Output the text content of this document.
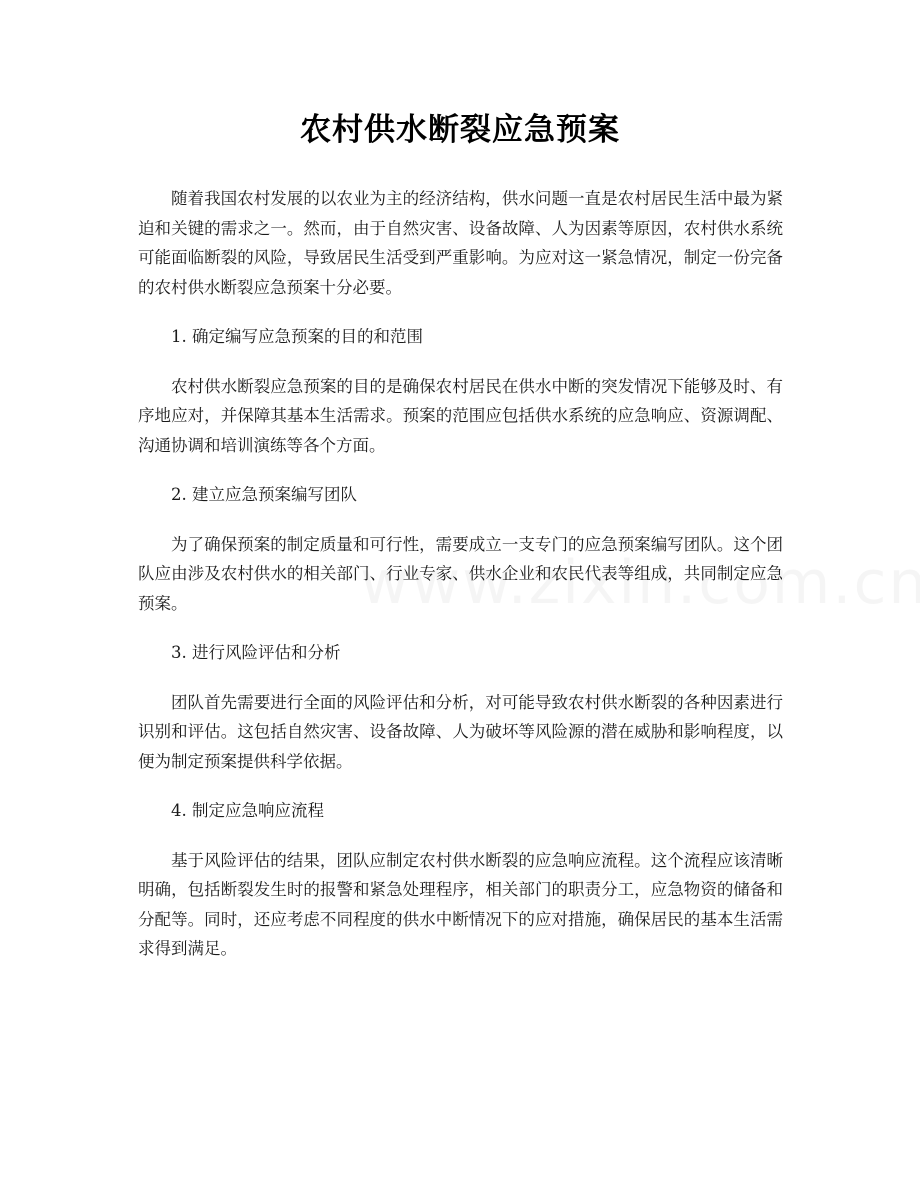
农村供水断裂应急预案

随着我国农村发展的以农业为主的经济结构，供水问题一直是农村居民生活中最为紧迫和关键的需求之一。然而，由于自然灾害、设备故障、人为因素等原因，农村供水系统可能面临断裂的风险，导致居民生活受到严重影响。为应对这一紧急情况，制定一份完备的农村供水断裂应急预案十分必要。

1. 确定编写应急预案的目的和范围

农村供水断裂应急预案的目的是确保农村居民在供水中断的突发情况下能够及时、有序地应对，并保障其基本生活需求。预案的范围应包括供水系统的应急响应、资源调配、沟通协调和培训演练等各个方面。

2. 建立应急预案编写团队

为了确保预案的制定质量和可行性，需要成立一支专门的应急预案编写团队。这个团队应由涉及农村供水的相关部门、行业专家、供水企业和农民代表等组成，共同制定应急预案。

3. 进行风险评估和分析

团队首先需要进行全面的风险评估和分析，对可能导致农村供水断裂的各种因素进行识别和评估。这包括自然灾害、设备故障、人为破坏等风险源的潜在威胁和影响程度，以便为制定预案提供科学依据。

4. 制定应急响应流程

基于风险评估的结果，团队应制定农村供水断裂的应急响应流程。这个流程应该清晰明确，包括断裂发生时的报警和紧急处理程序，相关部门的职责分工，应急物资的储备和分配等。同时，还应考虑不同程度的供水中断情况下的应对措施，确保居民的基本生活需求得到满足。
